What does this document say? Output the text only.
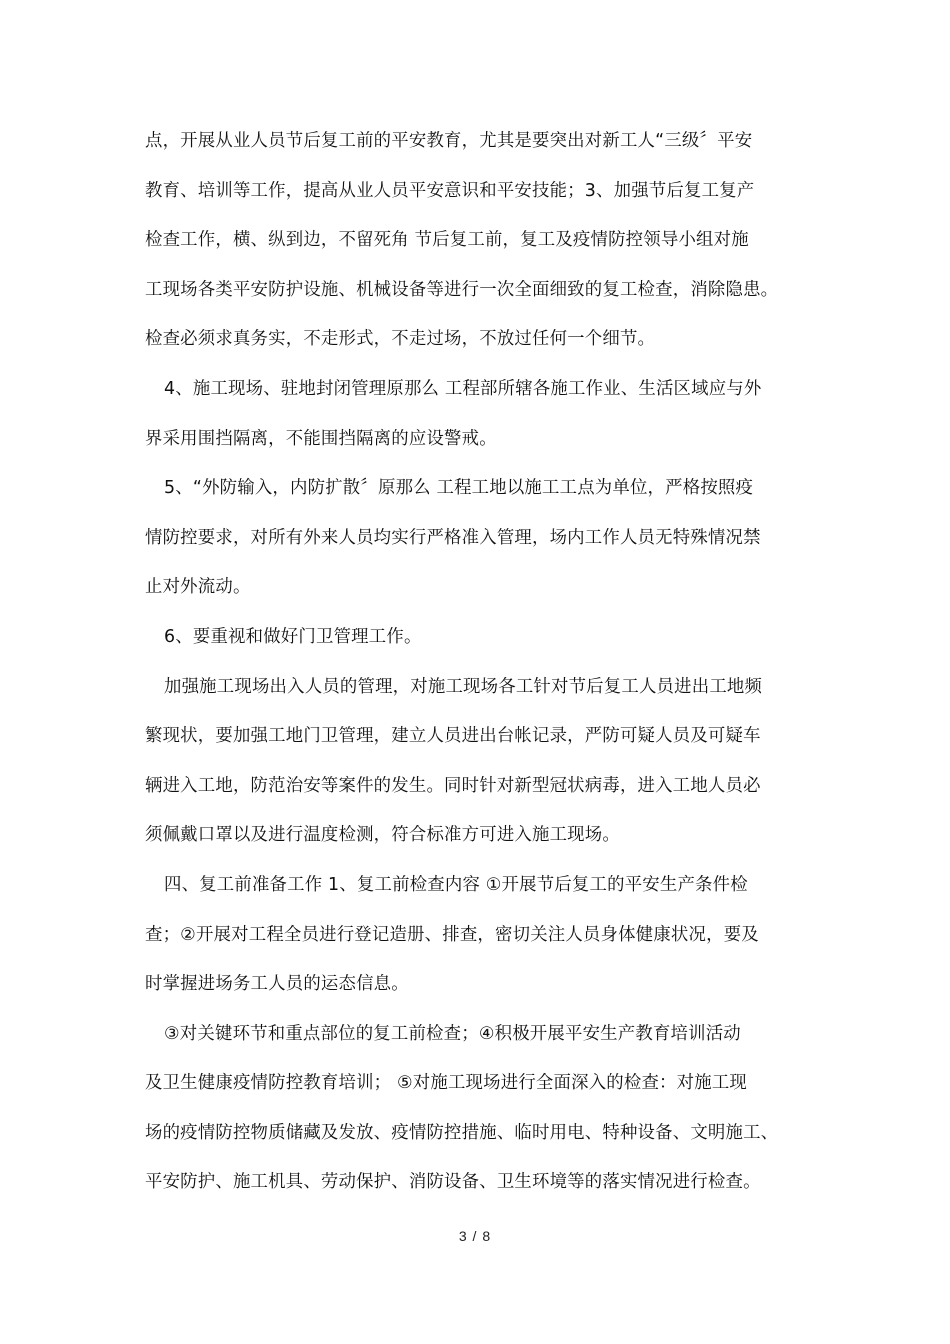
点，开展从业人员节后复工前的平安教育，尤其是要突出对新工人“三级〞平安
教育、培训等工作，提高从业人员平安意识和平安技能；3、加强节后复工复产
检查工作，横、纵到边，不留死角 节后复工前，复工及疫情防控领导小组对施
工现场各类平安防护设施、机械设备等进行一次全面细致的复工检查，消除隐患。
检查必须求真务实，不走形式，不走过场，不放过任何一个细节。
4、施工现场、驻地封闭管理原那么 工程部所辖各施工作业、生活区域应与外
界采用围挡隔离，不能围挡隔离的应设警戒。
5、“外防输入，内防扩散〞原那么 工程工地以施工工点为单位，严格按照疫
情防控要求，对所有外来人员均实行严格准入管理，场内工作人员无特殊情况禁
止对外流动。
6、要重视和做好门卫管理工作。
加强施工现场出入人员的管理，对施工现场各工针对节后复工人员进出工地频
繁现状，要加强工地门卫管理，建立人员进出台帐记录，严防可疑人员及可疑车
辆进入工地，防范治安等案件的发生。同时针对新型冠状病毒，进入工地人员必
须佩戴口罩以及进行温度检测，符合标准方可进入施工现场。
四、复工前准备工作 1、复工前检查内容 ①开展节后复工的平安生产条件检
查；②开展对工程全员进行登记造册、排查，密切关注人员身体健康状况，要及
时掌握进场务工人员的运态信息。
③对关键环节和重点部位的复工前检查；④积极开展平安生产教育培训活动
及卫生健康疫情防控教育培训； ⑤对施工现场进行全面深入的检查：对施工现
场的疫情防控物质储藏及发放、疫情防控措施、临时用电、特种设备、文明施工、
平安防护、施工机具、劳动保护、消防设备、卫生环境等的落实情况进行检查。
3 / 8
